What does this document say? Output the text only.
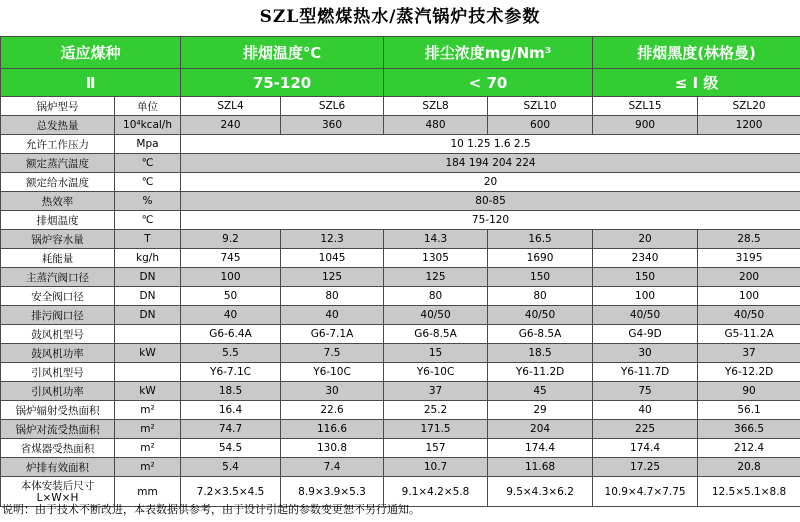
SZL型燃煤热水/蒸汽锅炉技术参数
适应煤种		排烟温度℃		排尘浓度mg/Nm³		排烟黑度(林格曼)	
Ⅱ		75-120		< 70		≤ Ⅰ 级	
锅炉型号	单位	SZL4	SZL6	SZL8	SZL10	SZL15	SZL20
总发热量	10⁴kcal/h	240	360	480	600	900	1200
允许工作压力	Mpa	10 1.25 1.6 2.5					
额定蒸汽温度	℃	184 194 204 224					
额定给水温度	℃	20					
热效率	%	80-85					
排烟温度	℃	75-120					
锅炉容水量	T	9.2	12.3	14.3	16.5	20	28.5
耗能量	kg/h	745	1045	1305	1690	2340	3195
主蒸汽阀口径	DN	100	125	125	150	150	200
安全阀口径	DN	50	80	80	80	100	100
排污阀口径	DN	40	40	40/50	40/50	40/50	40/50
鼓风机型号		G6-6.4A	G6-7.1A	G6-8.5A	G6-8.5A	G4-9D	G5-11.2A
鼓风机功率	kW	5.5	7.5	15	18.5	30	37
引风机型号		Y6-7.1C	Y6-10C	Y6-10C	Y6-11.2D	Y6-11.7D	Y6-12.2D
引风机功率	kW	18.5	30	37	45	75	90
锅炉辐射受热面积	m²	16.4	22.6	25.2	29	40	56.1
锅炉对流受热面积	m²	74.7	116.6	171.5	204	225	366.5
省煤器受热面积	m²	54.5	130.8	157	174.4	174.4	212.4
炉排有效面积	m²	5.4	7.4	10.7	11.68	17.25	20.8

本体安装后尺寸
L×W×H	mm	7.2×3.5×4.5	8.9×3.9×5.3	9.1×4.2×5.8	9.5×4.3×6.2	10.9×4.7×7.75	12.5×5.1×8.8
说明：由于技术不断改进，本表数据供参考，由于设计引起的参数变更恕不另行通知。
